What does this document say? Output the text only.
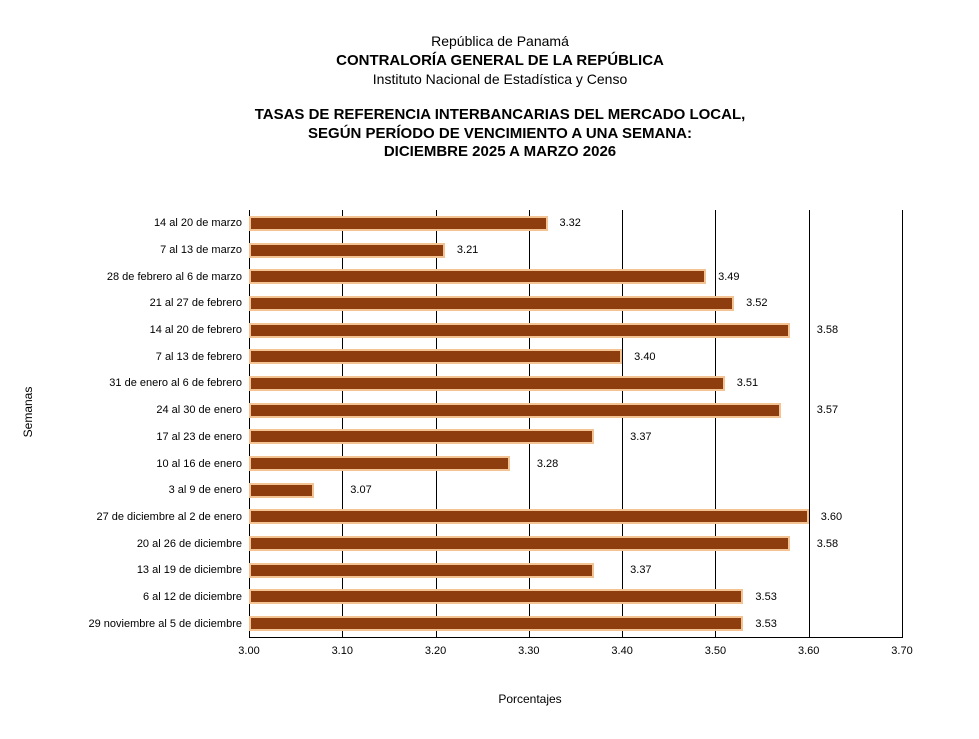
República de Panamá
CONTRALORÍA GENERAL DE LA REPÚBLICA
Instituto Nacional de Estadística y Censo
TASAS DE REFERENCIA INTERBANCARIAS DEL MERCADO LOCAL,
SEGÚN PERÍODO DE VENCIMIENTO A UNA SEMANA:
DICIEMBRE 2025 A MARZO 2026
Semanas
3.00	3.10	3.20	3.30	3.40	3.50	3.60	3.70
14 al 20 de marzo	3.32
7 al 13 de marzo	3.21
28 de febrero al 6 de marzo	3.49
21 al 27 de febrero	3.52
14 al 20 de febrero	3.58
7 al 13 de febrero	3.40
31 de enero al 6 de febrero	3.51
24 al 30 de enero	3.57
17 al 23 de enero	3.37
10 al 16 de enero	3.28
3 al 9 de enero	3.07
27 de diciembre al 2 de enero	3.60
20 al 26 de diciembre	3.58
13 al 19 de diciembre	3.37
6 al 12 de diciembre	3.53
29 noviembre al 5 de diciembre	3.53
Porcentajes
